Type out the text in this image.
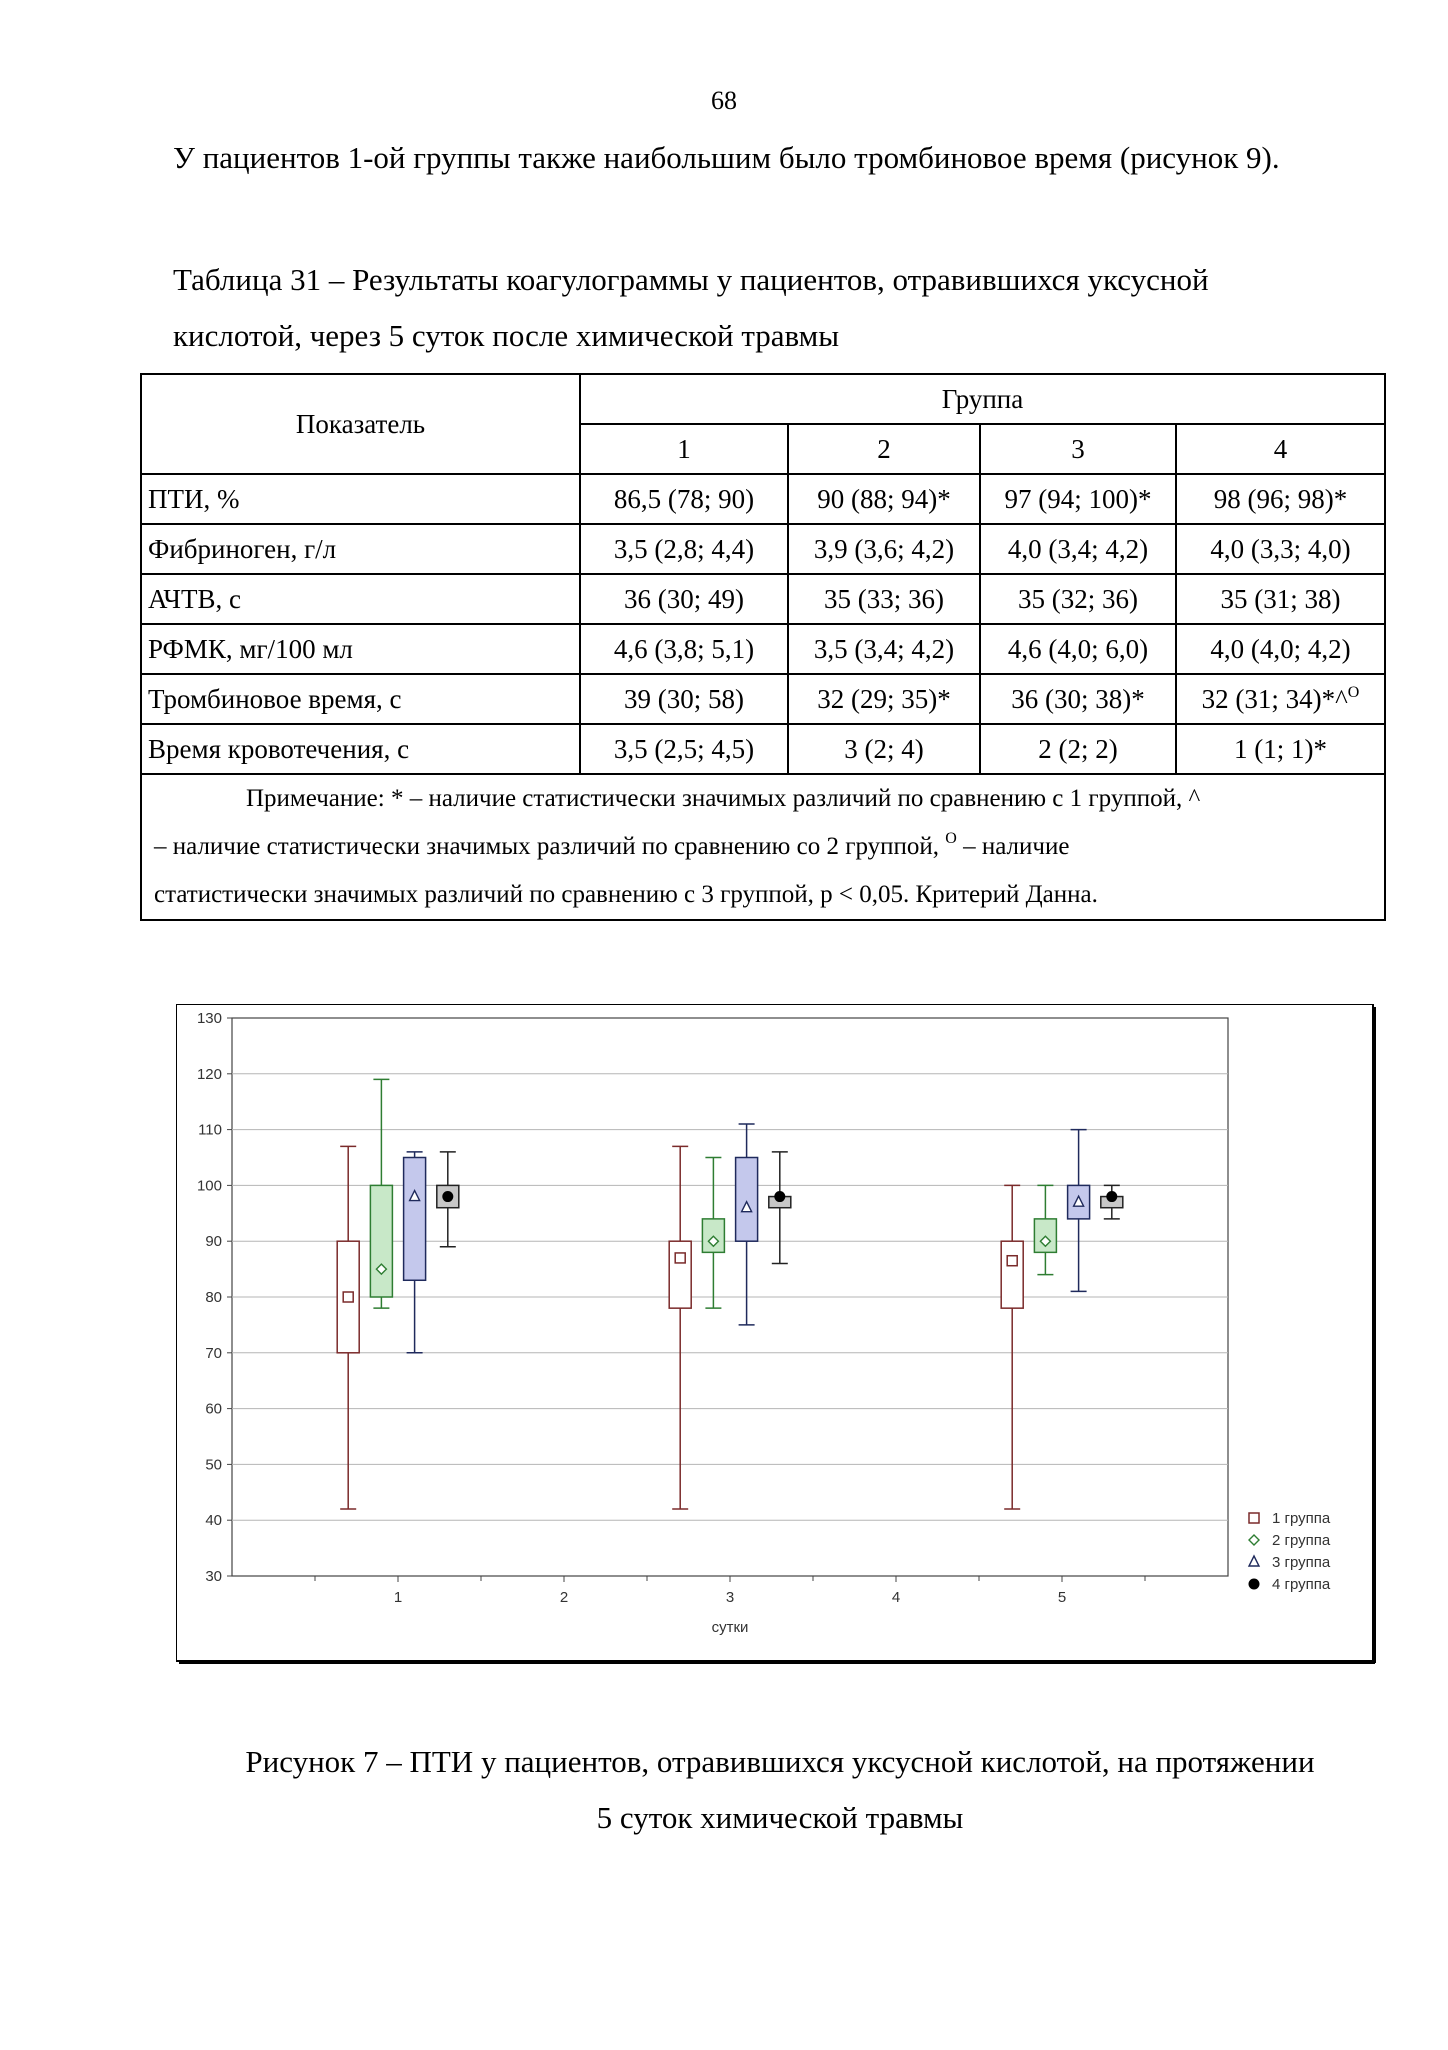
68
У пациентов 1-ой группы также наибольшим было тромбиновое время (рисунок 9).
Таблица 31 – Результаты коагулограммы у пациентов, отравившихся уксусной
кислотой, через 5 суток после химической травмы
Показатель	Группа			
	1	2	3	4
ПТИ, %	86,5 (78; 90)	90 (88; 94)*	97 (94; 100)*	98 (96; 98)*
Фибриноген, г/л	3,5 (2,8; 4,4)	3,9 (3,6; 4,2)	4,0 (3,4; 4,2)	4,0 (3,3; 4,0)
АЧТВ, с	36 (30; 49)	35 (33; 36)	35 (32; 36)	35 (31; 38)
РФМК, мг/100 мл	4,6 (3,8; 5,1)	3,5 (3,4; 4,2)	4,6 (4,0; 6,0)	4,0 (4,0; 4,2)
Тромбиновое время, с	39 (30; 58)	32 (29; 35)*	36 (30; 38)*	32 (31; 34)*^$^O$
Время кровотечения, с	3,5 (2,5; 4,5)	3 (2; 4)	2 (2; 2)	1 (1; 1)*
Примечание: * – наличие статистически значимых различий по сравнению с 1 группой, ^
– наличие статистически значимых различий по сравнению со 2 группой, $^O$ – наличие
статистически значимых различий по сравнению с 3 группой, р < 0,05. Критерий Данна.				
30
40
50
60
70
80
90
100
110
120
130
1	2	3	4	5
сутки
1 группа
2 группа
3 группа
4 группа
Рисунок 7 – ПТИ у пациентов, отравившихся уксусной кислотой, на протяжении
5 суток химической травмы
